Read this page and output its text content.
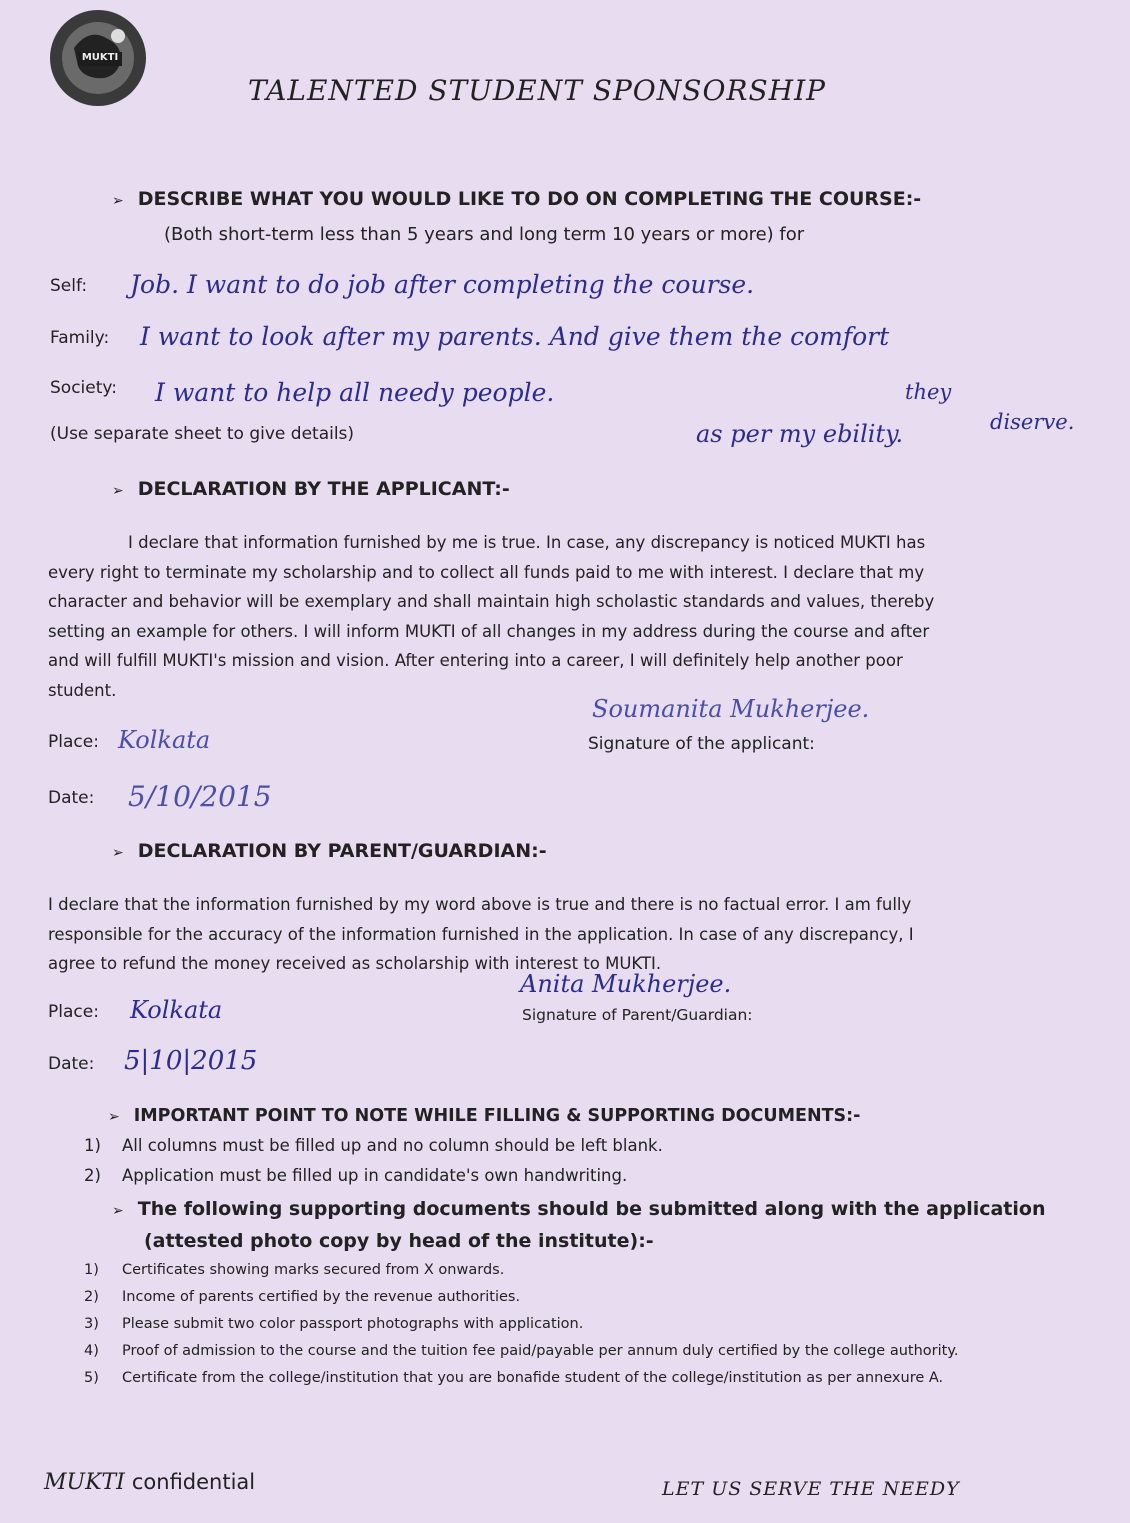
MUKTI
TALENTED STUDENT SPONSORSHIP
➢ DESCRIBE WHAT YOU WOULD LIKE TO DO ON COMPLETING THE COURSE:-
(Both short-term less than 5 years and long term 10 years or more) for
Self: Job. I want to do job after completing the course.
Family: I want to look after my parents. And give them the comfort
Society: I want to help all needy people.	they
diserve.
as per my ebility.
(Use separate sheet to give details)
➢ DECLARATION BY THE APPLICANT:-
I declare that information furnished by me is true. In case, any discrepancy is noticed MUKTI has
every right to terminate my scholarship and to collect all funds paid to me with interest. I declare that my
character and behavior will be exemplary and shall maintain high scholastic standards and values, thereby
setting an example for others. I will inform MUKTI of all changes in my address during the course and after
and will fulfill MUKTI's mission and vision. After entering into a career, I will definitely help another poor
student.
Soumanita Mukherjee.
Signature of the applicant:
Place: Kolkata
Date: 5/10/2015
➢ DECLARATION BY PARENT/GUARDIAN:-
I declare that the information furnished by my word above is true and there is no factual error. I am fully
responsible for the accuracy of the information furnished in the application. In case of any discrepancy, I
agree to refund the money received as scholarship with interest to MUKTI.
Anita Mukherjee.
Signature of Parent/Guardian:
Place: Kolkata
Date: 5|10|2015
➢ IMPORTANT POINT TO NOTE WHILE FILLING & SUPPORTING DOCUMENTS:-
1) All columns must be filled up and no column should be left blank.
2) Application must be filled up in candidate's own handwriting.
➢ The following supporting documents should be submitted along with the application
(attested photo copy by head of the institute):-
1) Certificates showing marks secured from X onwards.
2) Income of parents certified by the revenue authorities.
3) Please submit two color passport photographs with application.
4) Proof of admission to the course and the tuition fee paid/payable per annum duly certified by the college authority.
5) Certificate from the college/institution that you are bonafide student of the college/institution as per annexure A.
MUKTI confidential	LET US SERVE THE NEEDY
